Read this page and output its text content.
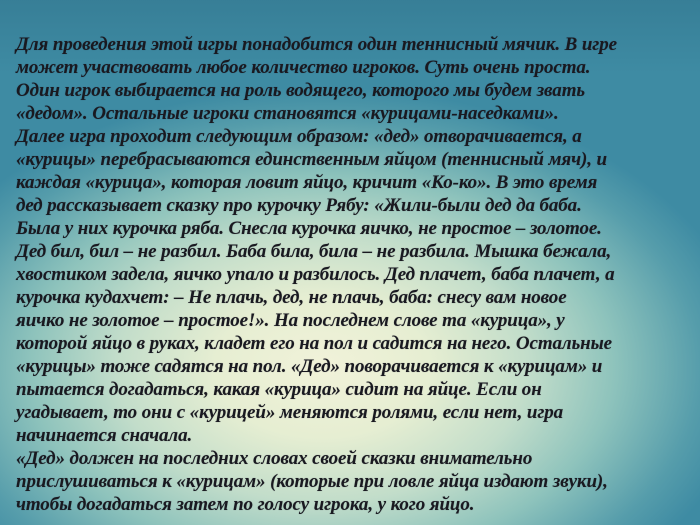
Для проведения этой игры понадобится один теннисный мячик. В игре
может участвовать любое количество игроков. Суть очень проста.
Один игрок выбирается на роль водящего, которого мы будем звать
«дедом». Остальные игроки становятся «курицами-наседками».
Далее игра проходит следующим образом: «дед» отворачивается, а
«курицы» перебрасываются единственным яйцом (теннисный мяч), и
каждая «курица», которая ловит яйцо, кричит «Ко-ко». В это время
дед рассказывает сказку про курочку Рябу: «Жили-были дед да баба.
Была у них курочка ряба. Снесла курочка яичко, не простое – золотое.
Дед бил, бил – не разбил. Баба била, била – не разбила. Мышка бежала,
хвостиком задела, яичко упало и разбилось. Дед плачет, баба плачет, а
курочка кудахчет: – Не плачь, дед, не плачь, баба: снесу вам новое
яичко не золотое – простое!». На последнем слове та «курица», у
которой яйцо в руках, кладет его на пол и садится на него. Остальные
«курицы» тоже садятся на пол. «Дед» поворачивается к «курицам» и
пытается догадаться, какая «курица» сидит на яйце. Если он
угадывает, то они с «курицей» меняются ролями, если нет, игра
начинается сначала.
«Дед» должен на последних словах своей сказки внимательно
прислушиваться к «курицам» (которые при ловле яйца издают звуки),
чтобы догадаться затем по голосу игрока, у кого яйцо.
